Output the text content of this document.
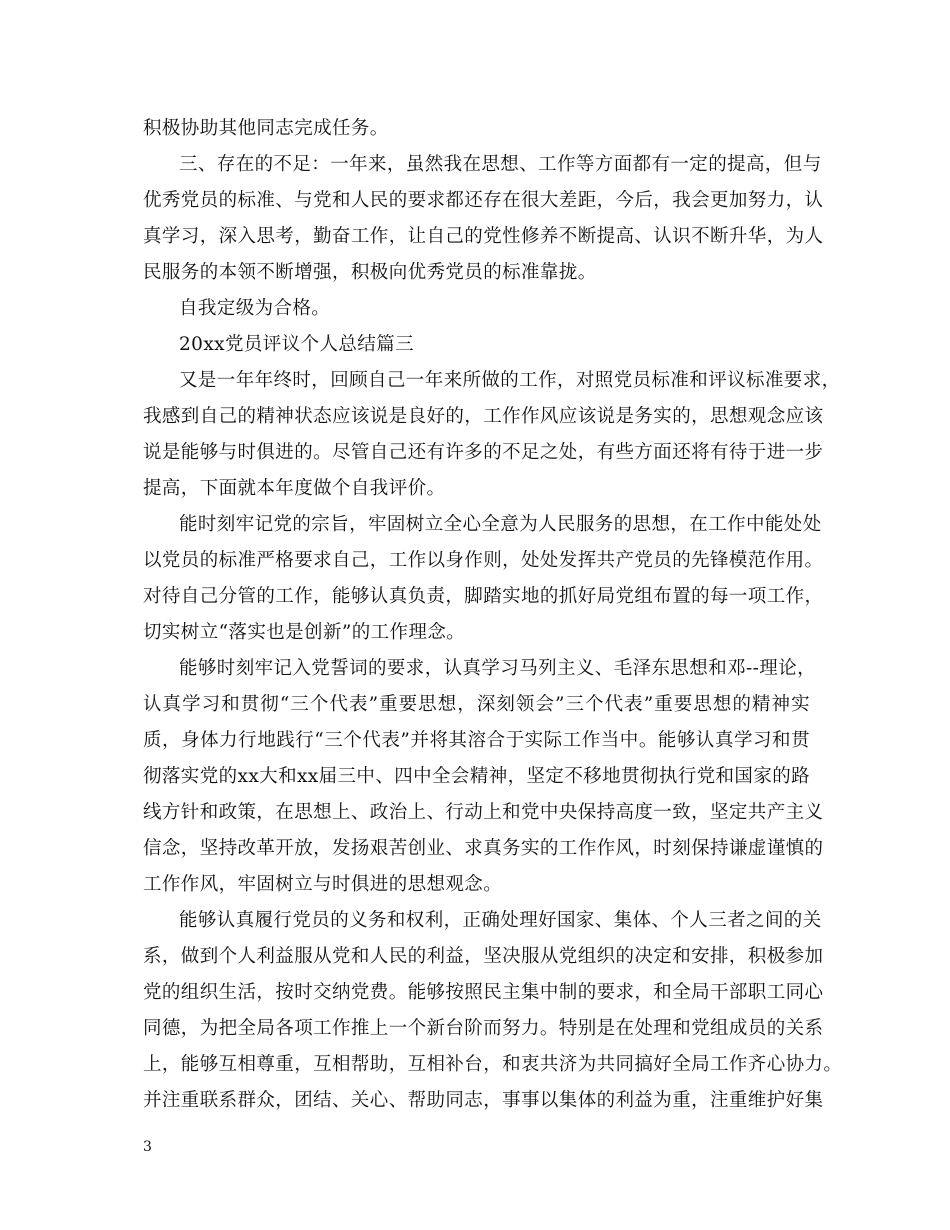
积极协助其他同志完成任务。
三、存在的不足：一年来，虽然我在思想、工作等方面都有一定的提高，但与
优秀党员的标准、与党和人民的要求都还存在很大差距，今后，我会更加努力，认
真学习，深入思考，勤奋工作，让自己的党性修养不断提高、认识不断升华，为人
民服务的本领不断增强，积极向优秀党员的标准靠拢。
自我定级为合格。
20xx党员评议个人总结篇三
又是一年年终时，回顾自己一年来所做的工作，对照党员标准和评议标准要求，
我感到自己的精神状态应该说是良好的，工作作风应该说是务实的，思想观念应该
说是能够与时俱进的。尽管自己还有许多的不足之处，有些方面还将有待于进一步
提高，下面就本年度做个自我评价。
能时刻牢记党的宗旨，牢固树立全心全意为人民服务的思想，在工作中能处处
以党员的标准严格要求自己，工作以身作则，处处发挥共产党员的先锋模范作用。
对待自己分管的工作，能够认真负责，脚踏实地的抓好局党组布置的每一项工作，
切实树立“落实也是创新”的工作理念。
能够时刻牢记入党誓词的要求，认真学习马列主义、毛泽东思想和邓--理论，
认真学习和贯彻“三个代表”重要思想，深刻领会”三个代表”重要思想的精神实
质，身体力行地践行“三个代表”并将其溶合于实际工作当中。能够认真学习和贯
彻落实党的xx大和xx届三中、四中全会精神，坚定不移地贯彻执行党和国家的路
线方针和政策，在思想上、政治上、行动上和党中央保持高度一致，坚定共产主义
信念，坚持改革开放，发扬艰苦创业、求真务实的工作作风，时刻保持谦虚谨慎的
工作作风，牢固树立与时俱进的思想观念。
能够认真履行党员的义务和权利，正确处理好国家、集体、个人三者之间的关
系，做到个人利益服从党和人民的利益，坚决服从党组织的决定和安排，积极参加
党的组织生活，按时交纳党费。能够按照民主集中制的要求，和全局干部职工同心
同德，为把全局各项工作推上一个新台阶而努力。特别是在处理和党组成员的关系
上，能够互相尊重，互相帮助，互相补台，和衷共济为共同搞好全局工作齐心协力。
并注重联系群众，团结、关心、帮助同志，事事以集体的利益为重，注重维护好集
3
